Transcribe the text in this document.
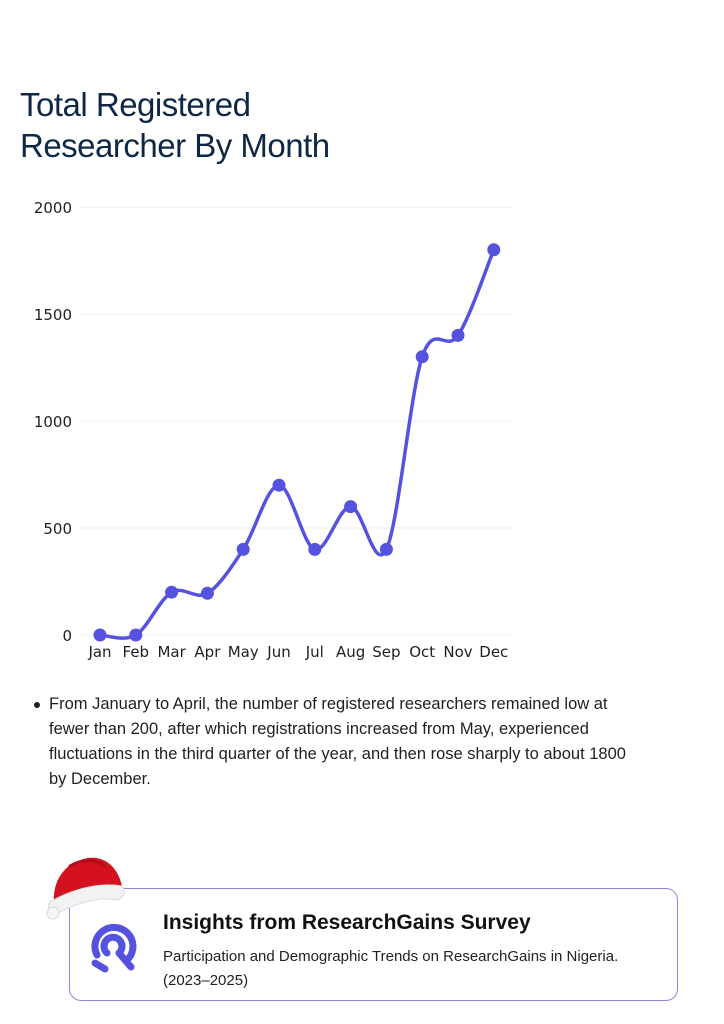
Total Registered
Researcher By Month
0
500
1000
1500
2000
Jan Feb Mar Apr May Jun Jul Aug Sep Oct Nov Dec

From January to April, the number of registered researchers remained low at fewer than 200, after which registrations increased from May, experienced fluctuations in the third quarter of the year, and then rose sharply to about 1800 by December.

Insights from ResearchGains Survey

Participation and Demographic Trends on ResearchGains in Nigeria.
(2023–2025)
